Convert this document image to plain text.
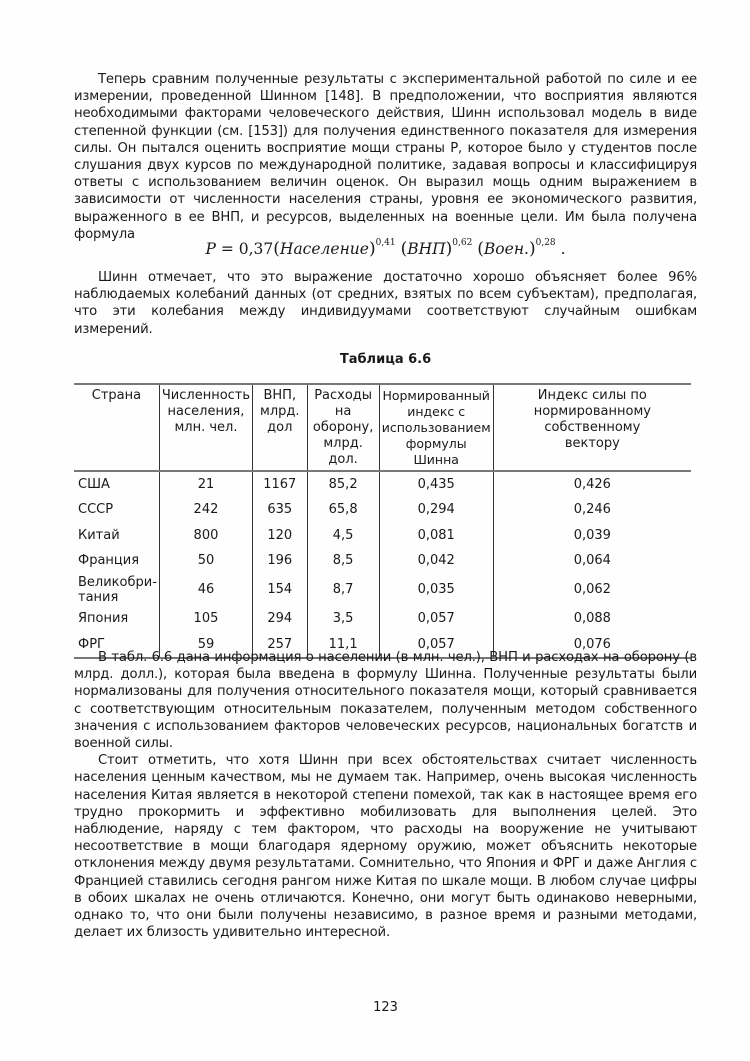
Теперь сравним полученные результаты с экспериментальной работой по силе и ее измерении, проведенной Шинном [148]. В предположении, что восприятия являются необходимыми факторами человеческого действия, Шинн использовал модель в виде степенной функции (см. [153]) для получения единственного показателя для измерения силы. Он пытался оценить восприятие мощи страны P, которое было у студентов после слушания двух курсов по международной политике, задавая вопросы и классифицируя ответы с использованием величин оценок. Он выразил мощь одним выражением в зависимости от численности населения страны, уровня ее экономического развития, выраженного в ее ВНП, и ресурсов, выделенных на военные цели. Им была получена формула

P = 0,37(Население)$^{0,41}$ (ВНП)$^{0,62}$ (Воен.)$^{0,28}$ .

Шинн отмечает, что это выражение достаточно хорошо объясняет более 96% наблюдаемых колебаний данных (от средних, взятых по всем субъектам), предполагая, что эти колебания между индивидуумами соответствуют случайным ошибкам измерений.

Таблица 6.6
Страна	Численность населения, млн. чел.	ВНП, млрд. дол	Расходы на оборону, млрд. дол.	Нормированный индекс с использованием формулы Шинна	Индекс силы по нормированному собственному вектору
США	21	1167	85,2	0,435	0,426
СССР	242	635	65,8	0,294	0,246
Китай	800	120	4,5	0,081	0,039
Франция	50	196	8,5	0,042	0,064
Великобри-
тания	46	154	8,7	0,035	0,062
Япония	105	294	3,5	0,057	0,088
ФРГ	59	257	11,1	0,057	0,076

В табл. 6.6 дана информация о населении (в млн. чел.), ВНП и расходах на оборону (в млрд. долл.), которая была введена в формулу Шинна. Полученные результаты были нормализованы для получения относительного показателя мощи, который сравнивается с соответствующим относительным показателем, полученным методом собственного значения с использованием факторов человеческих ресурсов, национальных богатств и военной силы.

Стоит отметить, что хотя Шинн при всех обстоятельствах считает численность населения ценным качеством, мы не думаем так. Например, очень высокая численность населения Китая является в некоторой степени помехой, так как в настоящее время его трудно прокормить и эффективно мобилизовать для выполнения целей. Это наблюдение, наряду с тем фактором, что расходы на вооружение не учитывают несоответствие в мощи благодаря ядерному оружию, может объяснить некоторые отклонения между двумя результатами. Сомнительно, что Япония и ФРГ и даже Англия с Францией ставились сегодня рангом ниже Китая по шкале мощи. В любом случае цифры в обоих шкалах не очень отличаются. Конечно, они могут быть одинаково неверными, однако то, что они были получены независимо, в разное время и разными методами, делает их близость удивительно интересной.

123
